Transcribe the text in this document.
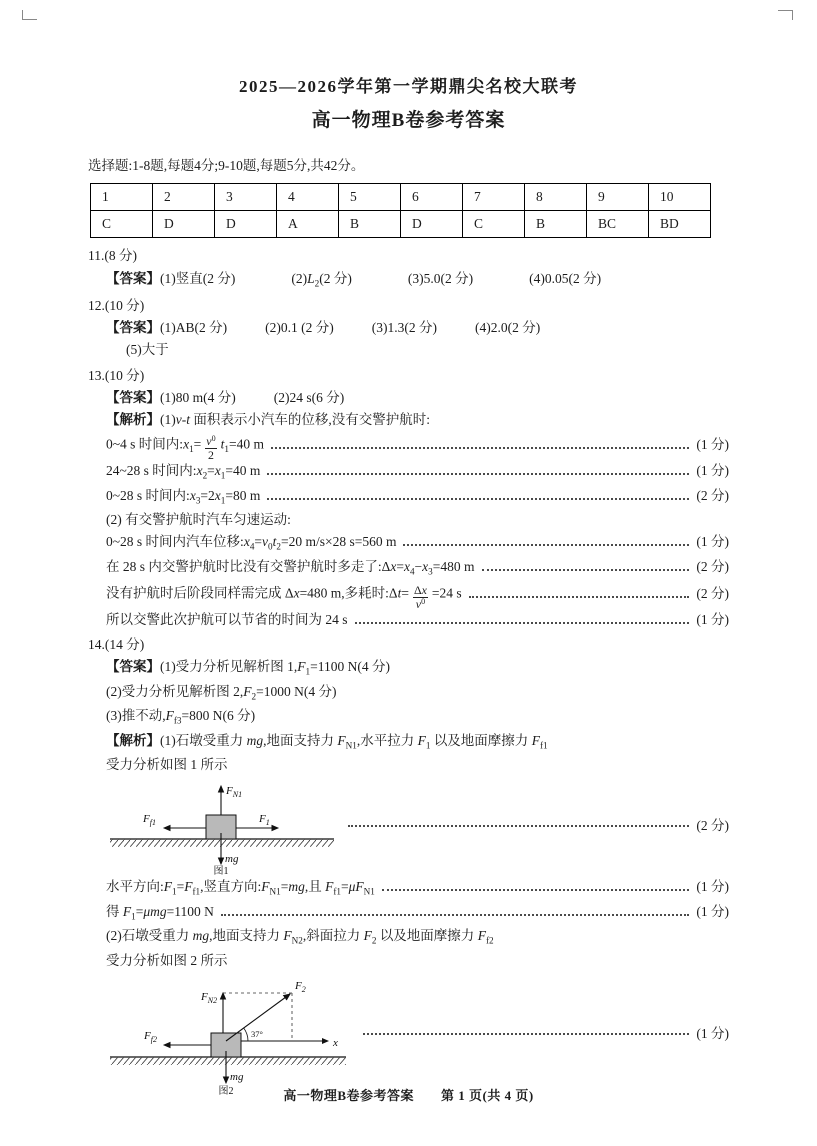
2025—2026学年第一学期鼎尖名校大联考
高一物理B卷参考答案

选择题:1-8题,每题4分;9-10题,每题5分,共42分。

1	2	3	4	5	6	7	8	9	10
C	D	D	A	B	D	C	B	BC	BD
11.(8 分)
【答案】 (1)竖直(2 分)	$(2)L_2(2$ 分)	(3)5.0(2 分)	(4)0.05(2 分)
12.(10 分)
【答案】 (1)AB(2 分)	(2)0.1 (2 分)	(3)1.3(2 分)	(4)2.0(2 分)
(5)大于
13.(10 分)
【答案】 (1)80 m(4 分)	(2)24 s(6 分)
【解析】 (1)v-t 面积表示小汽车的位移,没有交警护航时:
0~4 s 时间内$:x_1= \frac{v 0}{2} t_1=40$ m	(1 分)
24~28 s 时间内$:x_2=x_1=40$ m	(1 分)
0~28 s 时间内$:x_3=2x_1=80$ m	(2 分)
(2) 有交警护航时汽车匀速运动:
0~28 s 时间内汽车位移$:x_4=v_0t_2=20$ m/s×28 s=560 m	(1 分)
在 28 s 内交警护航时比没有交警护航时多走了$:\Delta x=x_4-x_3=480$ m	(2 分)
没有护航时后阶段同样需完成 Δx=480 m,多耗时:Δt= $\frac{\text{Δ x}}{v 0} =24$ s	(2 分)
所以交警此次护航可以节省的时间为 24 s	(1 分)
14.(14 分)
【答案】 (1)受力分析见解析图 $1,F_1=1100$ N(4 分)
(2)受力分析见解析图 $2,F_2=1000$ N(4 分)
(3)推不动$,F_{f3}=800$ N(6 分)
【解析】 (1)石墩受重力 mg,地面支持力 $F_{N1}$,水平拉力 $F_1$ 以及地面摩擦力 $F_{f1}$
受力分析如图 1 所示
$F_{N1}$
$F_1$
$F_{f1}$
mg
图1
(2 分)
水平方向$:F_1=F_{f1}$,竖直方向$:F_{N1}=mg$,且 $F_{f1}=\mu F_{N1}$	(1 分)
得 $F_1=\mu mg=1100$ N	(1 分)
(2)石墩受重力 mg,地面支持力 $F_{N2}$,斜面拉力 $F_2$ 以及地面摩擦力 $F_{f2}$
受力分析如图 2 所示
$F_{N2}$
$F_2$
$F_{f2}$
37°
x
mg
图2
(1 分)
高一物理B卷参考答案　　第 1 页(共 4 页)
